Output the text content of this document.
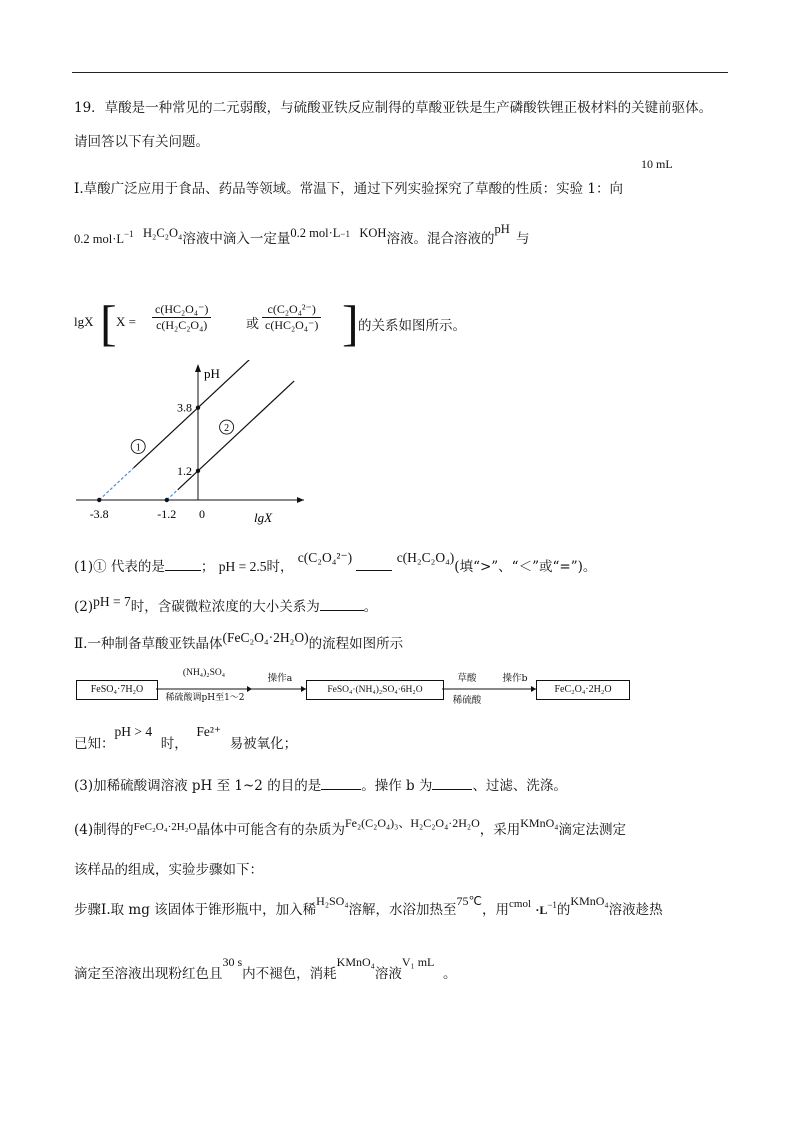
19．草酸是一种常见的二元弱酸，与硫酸亚铁反应制得的草酸亚铁是生产磷酸铁锂正极材料的关键前驱体。
请回答以下有关问题。
10 mL
Ⅰ.草酸广泛应用于食品、药品等领域。常温下，通过下列实验探究了草酸的性质：实验 1：向
0.2 $mol\cdot L^{-1}$ H₂C₂O₄溶液中滴入一定量0.2 $mol\cdot L^{-1}$ KOH溶液。混合溶液的pH  与
lgX [ $X = \frac{\text{c(HC₂O₄⁻)}}{\text{c(H₂C₂O₄)}}$	或 $\frac{\text{c(C₂O₄²⁻)}}{\text{c(HC₂O₄⁻)}}$ ] 的关系如图所示。
pH
lgX
-3.8	-1.2 0
3.8
1.2
1
2
(1)① 代表的是	； pH = 2.5时， c(C₂O₄²⁻)	c(H₂C₂O₄)(填“>”、“＜”或“=”)。
(2)pH = 7时，含碳微粒浓度的大小关系为	。
Ⅱ.一种制备草酸亚铁晶体(FeC₂O₄·2H₂O)的流程如图所示
FeSO₄·7H₂O
(NH₄)₂SO₄
稀硫酸调pH至1～2
操作a
FeSO₄·(NH₄)₂SO₄·6H₂O
草酸
稀硫酸
操作b
FeC₂O₄·2H₂O
已知：pH > 4  时，  Fe²⁺  易被氧化；
(3)加稀硫酸调溶液 pH 至 1~2 的目的是	。操作 b 为	、过滤、洗涤。
(4)制得的$^{FeC_2O_4\cdot 2H_2O}$晶体中可能含有的杂质为Fe₂(C₂O₄)₃、H₂C₂O₄·2H₂O，采用KMnO₄滴定法测定
该样品的组成，实验步骤如下：
步骤Ⅰ.取 mg 该固体于锥形瓶中，加入稀H₂SO₄溶解，水浴加热至75℃，用$^{cmol} \cdot L^{-1}$的KMnO₄溶液趁热
滴定至溶液出现粉红色且30 s内不褪色，消耗KMnO₄溶液V₁ mL  。
